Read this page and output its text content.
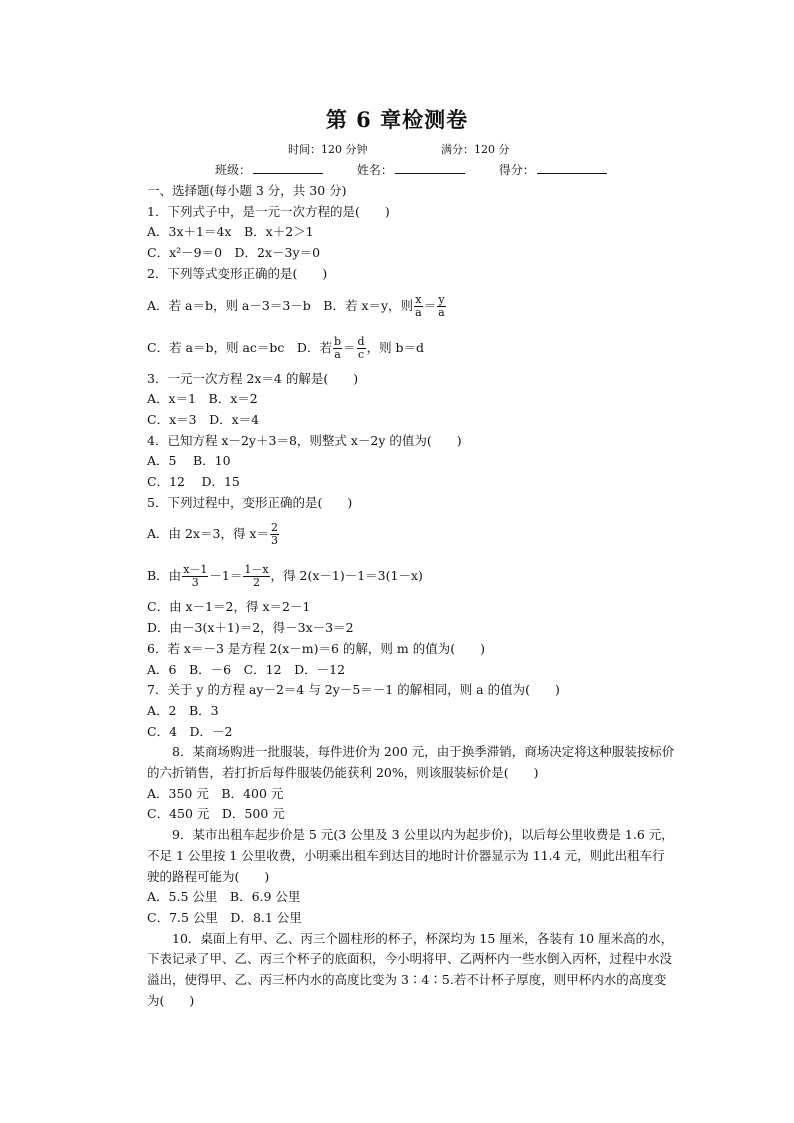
第 6 章检测卷
时间：120 分钟	满分：120 分
班级：	姓名：	得分：
一、选择题(每小题 3 分，共 30 分)
1．下列式子中，是一元一次方程的是(　　)
A．3x＋1＝4x　B．x＋2＞1
C．x²－9＝0　D．2x－3y＝0
2．下列等式变形正确的是(　　)
A．若 a＝b，则 a－3＝3－b　B．若 x＝y，则 $\frac{x}{a} = \frac{y}{a}$
C．若 a＝b，则 ac＝bc　D．若 $\frac{b}{a} = \frac{d}{c}$ ，则 b＝d
3．一元一次方程 2x＝4 的解是(　　)
A．x＝1　B．x＝2
C．x＝3　D．x＝4
4．已知方程 x－2y＋3＝8，则整式 x－2y 的值为(　　)
A．5　 B．10
C．12　 D．15
5．下列过程中，变形正确的是(　　)
A．由 2x＝3，得 $x= \frac{2}{3}$
B．由 $\frac{x-1}{3} -1= \frac{1-x}{2}$ ，得 2(x－1)－1＝3(1－x)
C．由 x－1＝2，得 x＝2－1
D．由－3(x＋1)＝2，得－3x－3＝2
6．若 x＝－3 是方程 2(x－m)＝6 的解，则 m 的值为(　　)
A．6　B．－6　C．12　D．－12
7．关于 y 的方程 ay－2＝4 与 2y－5＝－1 的解相同，则 a 的值为(　　)
A．2　B．3
C．4　D．－2
8．某商场购进一批服装，每件进价为 200 元，由于换季滞销，商场决定将这种服装按标价的六折销售，若打折后每件服装仍能获利 20%，则该服装标价是(　　)
A．350 元　B．400 元
C．450 元　D．500 元
9．某市出租车起步价是 5 元(3 公里及 3 公里以内为起步价)，以后每公里收费是 1.6 元，不足 1 公里按 1 公里收费，小明乘出租车到达目的地时计价器显示为 11.4 元，则此出租车行驶的路程可能为(　　)
A．5.5 公里　B．6.9 公里
C．7.5 公里　D．8.1 公里
10．桌面上有甲、乙、丙三个圆柱形的杯子，杯深均为 15 厘米，各装有 10 厘米高的水，下表记录了甲、乙、丙三个杯子的底面积，今小明将甲、乙两杯内一些水倒入丙杯，过程中水没溢出，使得甲、乙、丙三杯内水的高度比变为 3∶4∶5.若不计杯子厚度，则甲杯内水的高度变为(　　)
